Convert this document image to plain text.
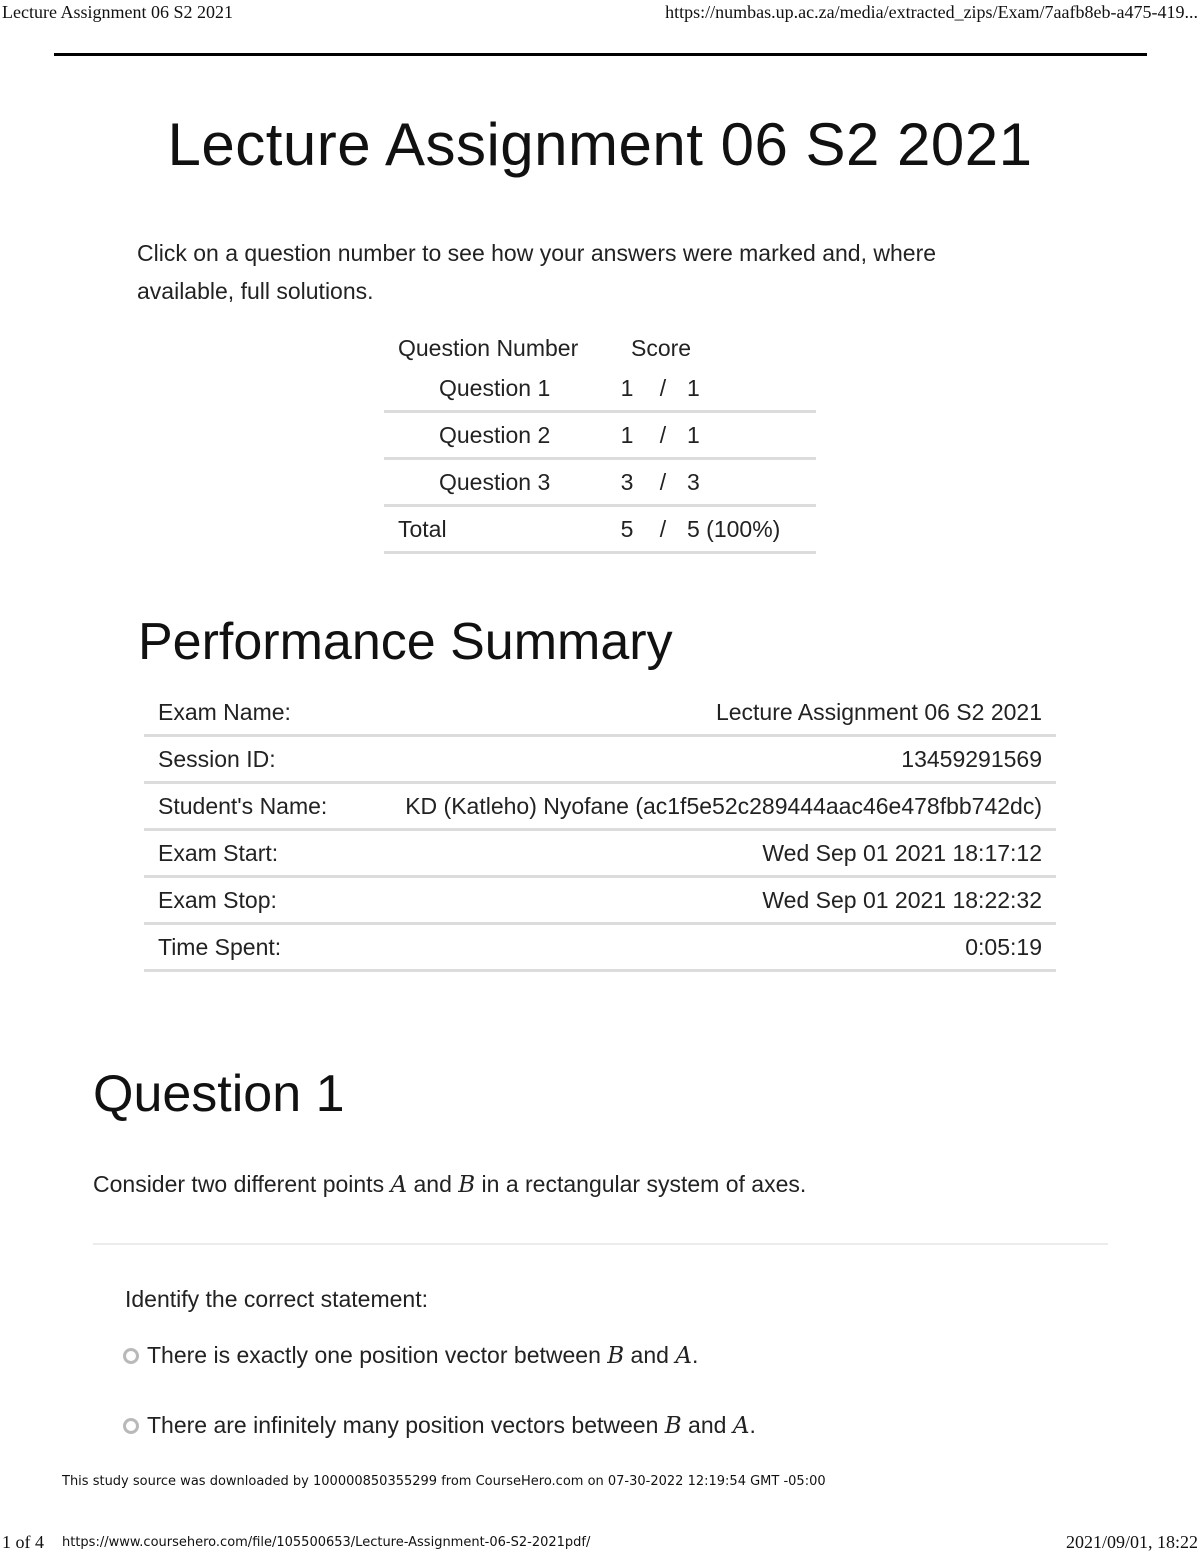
Lecture Assignment 06 S2 2021	https://numbas.up.ac.za/media/extracted_zips/Exam/7aafb8eb-a475-419...
Lecture Assignment 06 S2 2021

Click on a question number to see how your answers were marked and, where available, full solutions.

Question Number	Score		
Question 1	1	/	1
Question 2	1	/	1
Question 3	3	/	3
Total	5	/	5 (100%)
Performance Summary
Exam Name:	Lecture Assignment 06 S2 2021
Session ID:	13459291569
Student's Name:	KD (Katleho) Nyofane (ac1f5e52c289444aac46e478fbb742dc)
Exam Start:	Wed Sep 01 2021 18:17:12
Exam Stop:	Wed Sep 01 2021 18:22:32
Time Spent:	0:05:19
Question 1
Consider two different points A and B in a rectangular system of axes.
Identify the correct statement:
There is exactly one position vector between B and A.
There are infinitely many position vectors between B and A.
This study source was downloaded by 100000850355299 from CourseHero.com on 07-30-2022 12:19:54 GMT -05:00
1 of 4 https://www.coursehero.com/file/105500653/Lecture-Assignment-06-S2-2021pdf/	2021/09/01, 18:22
